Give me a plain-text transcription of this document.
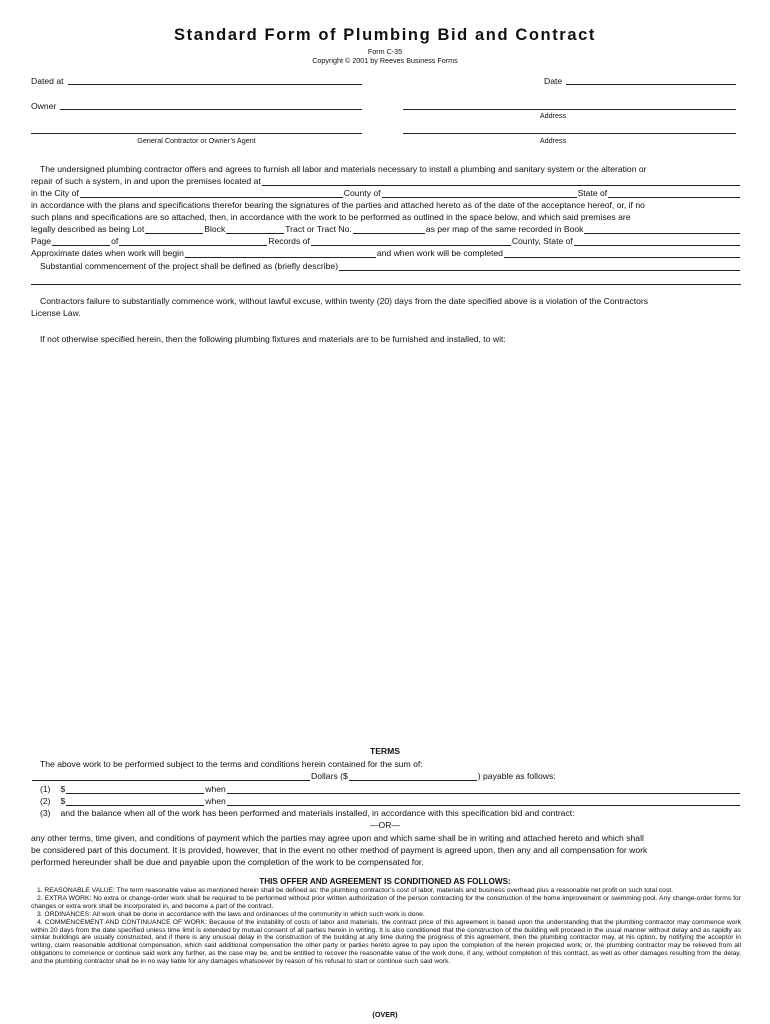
Standard Form of Plumbing Bid and Contract
Form C-35
Copyright © 2001 by Reeves Business Forms
Dated at	Date
Owner
Address
General Contractor or Owner’s Agent	Address
The undersigned plumbing contractor offers and agrees to furnish all labor and materials necessary to install a plumbing and sanitary system or the alteration or
repair of such a system, in and upon the premises located at
in the City of	County of	State of
in accordance with the plans and specifications therefor bearing the signatures of the parties and attached hereto as of the date of the acceptance hereof, or, if no
such plans and specifications are so attached, then, in accordance with the work to be performed as outlined in the space below, and which said premises are
legally described as being Lot	Block	Tract or Tract No.	as per map of the same recorded in Book
Page	of	Records of	County, State of
Approximate dates when work will begin	and when work will be completed
Substantial commencement of the project shall be defined as (briefly describe)
Contractors failure to substantially commence work, without lawful excuse, within twenty (20) days from the date specified above is a violation of the Contractors
License Law.
If not otherwise specified herein, then the following plumbing fixtures and materials are to be furnished and installed, to wit:
TERMS
The above work to be performed subject to the terms and conditions herein contained for the sum of:
Dollars ($	) payable as follows:
(1) $	when
(2) $	when
(3) and the balance when all of the work has been performed and materials installed, in accordance with this specification bid and contract:
—OR—
any other terms, time given, and conditions of payment which the parties may agree upon and which same shall be in writing and attached hereto and which shall
be considered part of this document. It is provided, however, that in the event no other method of payment is agreed upon, then any and all compensation for work
performed hereunder shall be due and payable upon the completion of the work to be compensated for.
THIS OFFER AND AGREEMENT IS CONDITIONED AS FOLLOWS:

1. REASONABLE VALUE: The term reasonable value as mentioned herein shall be defined as: the plumbing contractor’s cost of labor, materials and business overhead plus a reasonable net profit on such total cost.

2. EXTRA WORK: No extra or change-order work shall be required to be performed without prior written authorization of the person contracting for the construction of the home improvement or swimming pool. Any change-order forms for changes or extra work shall be incorporated in, and become a part of the contract.

3. ORDINANCES: All work shall be done in accordance with the laws and ordinances of the community in which such work is done.

4. COMMENCEMENT AND CONTINUANCE OF WORK: Because of the instability of costs of labor and materials, the contract price of this agreement is based upon the understanding that the plumbing contractor may commence work within 20 days from the date specified unless time limit is extended by mutual consent of all parties herein in writing. It is also conditioned that the construction of the building will proceed in the usual manner without delay and as rapidly as similar buildings are usually constructed, and if there is any unusual delay in the construction of the building at any time during the progress of this agreement, then the plumbing contractor may, at his option, by notifying the acceptor in writing, claim reasonable additional compensation, which said additional compensation the other party or parties hereto agree to pay upon the completion of the herein projected work; or, the plumbing contractor may be relieved from all obligations to commence or continue said work any further, as the case may be, and be entitled to recover the reasonable value of the work done, if any, without completion of this contract, as well as other damages resulting from the delay, and the plumbing contractor shall be in no way liable for any damages whatsoever by reason of his refusal to start or continue such said work.

(OVER)
